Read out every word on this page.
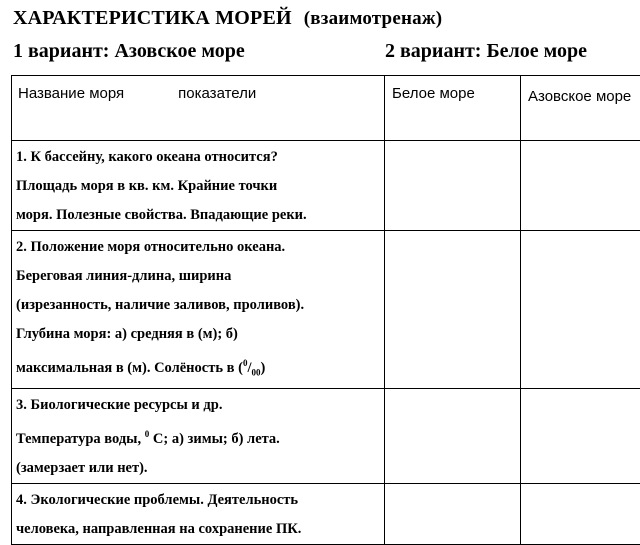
ХАРАКТЕРИСТИКА МОРЕЙ (взаимотренаж)
1 вариант: Азовское море	2 вариант: Белое море
Название моря показатели	Белое море	Азовское море

1. К бассейну, какого океана относится?
Площадь моря в кв. км. Крайние точки
моря. Полезные свойства. Впадающие реки.		

2. Положение моря относительно океана.
Береговая линия-длина, ширина
(изрезанность, наличие заливов, проливов).
Глубина моря: а) средняя в (м); б)
максимальная в (м). Солёность в $(^0/_{00})$		

3. Биологические ресурсы и др.
Температура воды, $^0$ С; а) зимы; б) лета.
(замерзает или нет).		

4. Экологические проблемы. Деятельность
человека, направленная на сохранение ПК.		
